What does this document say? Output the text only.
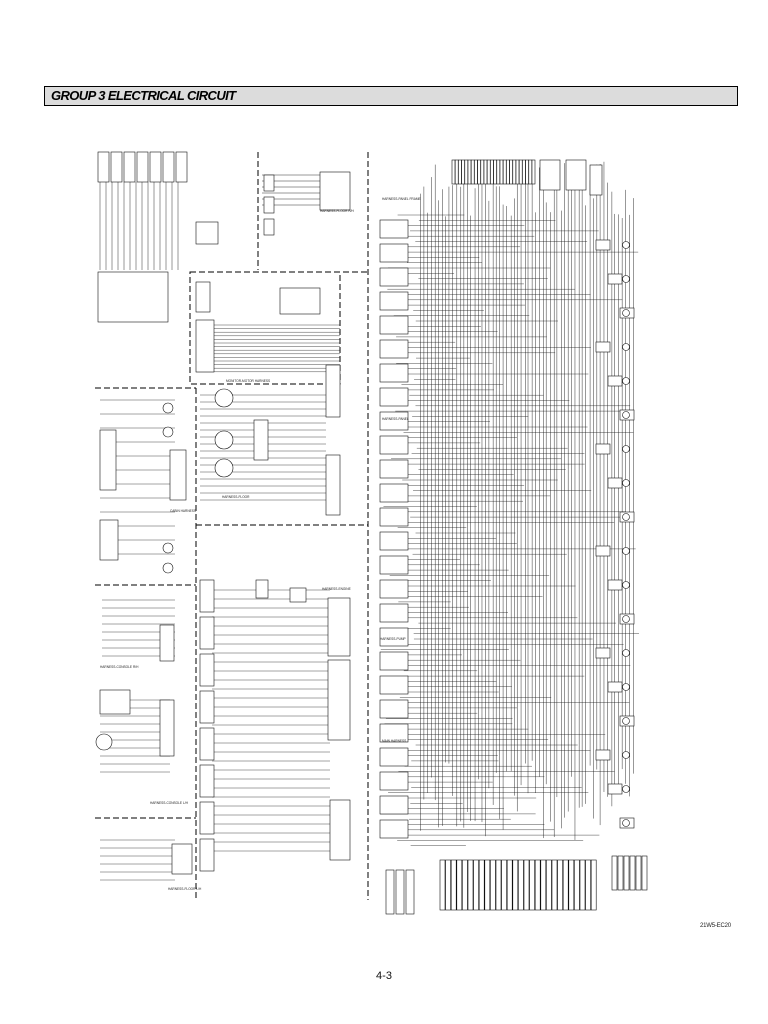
GROUP 3 ELECTRICAL CIRCUIT
HARNESS-FLOOR R/H
MONITOR-MOTOR HARNESS
HARNESS-PANEL FRAME
CABIN HARNESS
HARNESS-FLOOR
HARNESS-CONSOLE R/H
HARNESS-CONSOLE L/H
HARNESS-ENGINE
HARNESS-FLOOR L/H
HARNESS-PANEL
HARNESS-PUMP
MAIN HARNESS
21W5-EC20
4-3
